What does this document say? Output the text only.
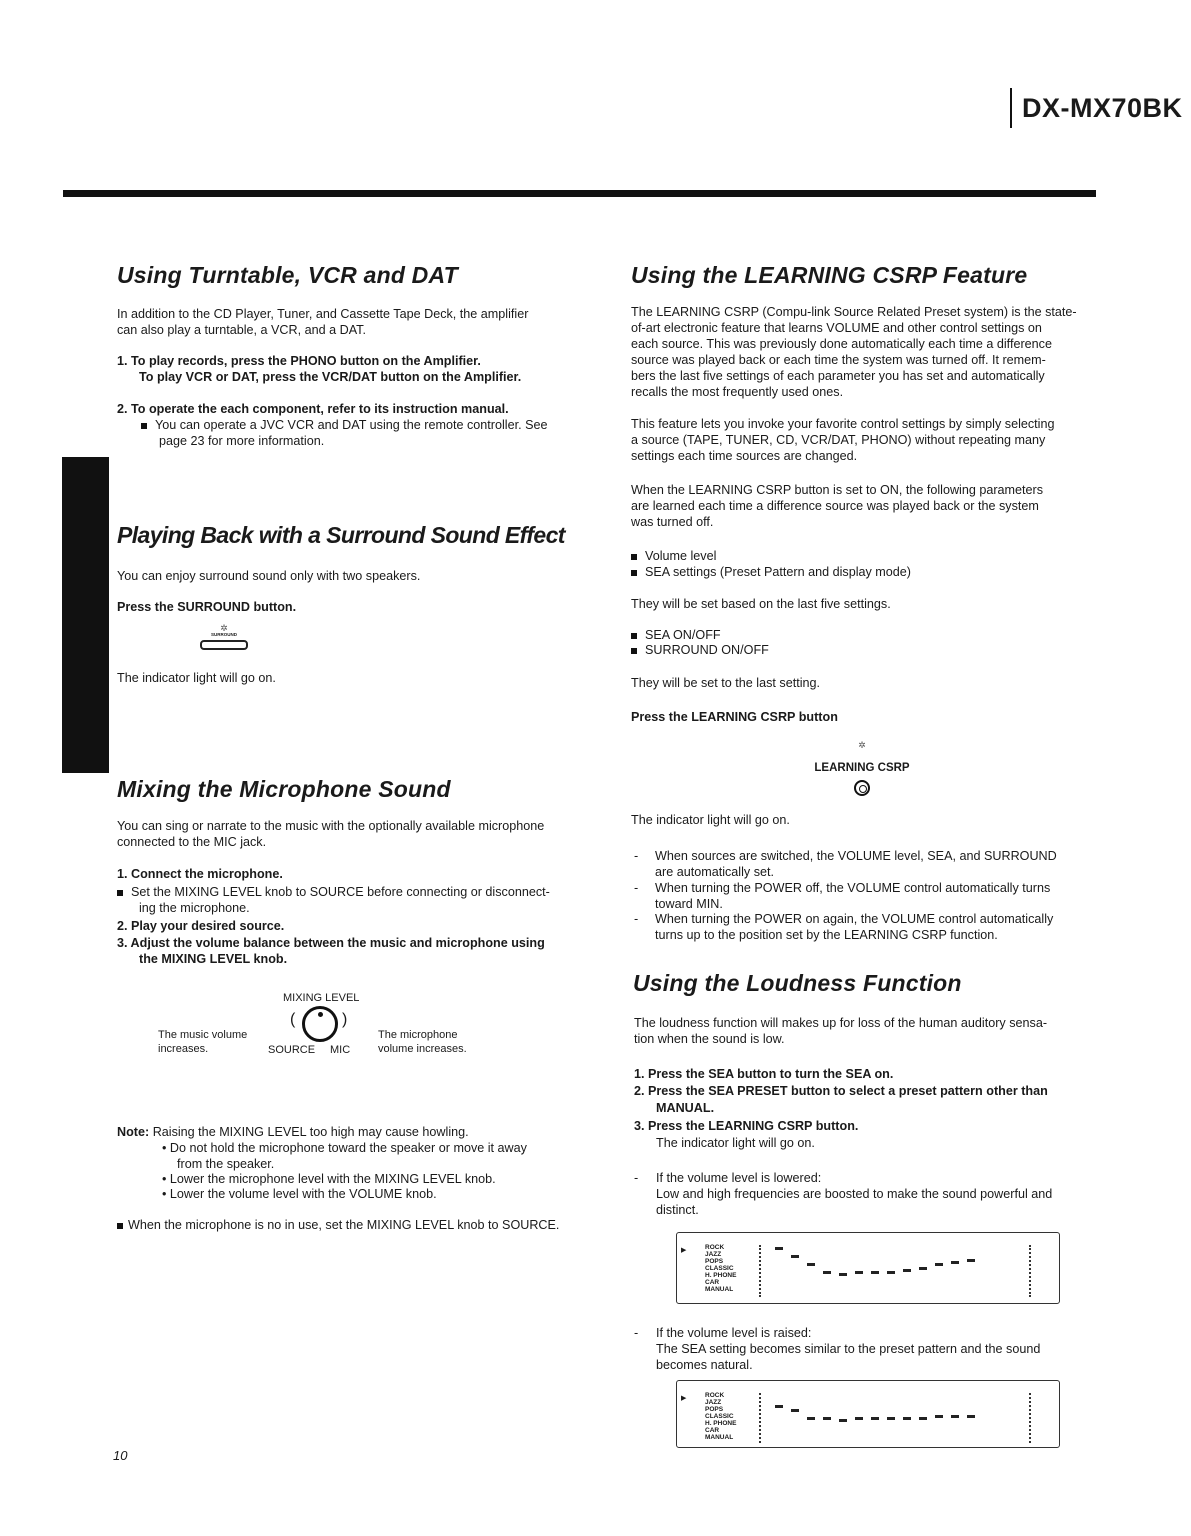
DX-MX70BK
Using Turntable, VCR and DAT

In addition to the CD Player, Tuner, and Cassette Tape Deck, the amplifier

can also play a turntable, a VCR, and a DAT.

1. To play records, press the PHONO button on the Amplifier.
To play VCR or DAT, press the VCR/DAT button on the Amplifier.
2. To operate the each component, refer to its instruction manual.
You can operate a JVC VCR and DAT using the remote controller. See
page 23 for more information.
Playing Back with a Surround Sound Effect

You can enjoy surround sound only with two speakers.

Press the SURROUND button.
✲
SURROUND

The indicator light will go on.

Mixing the Microphone Sound

You can sing or narrate to the music with the optionally available microphone

connected to the MIC jack.

1. Connect the microphone.
Set the MIXING LEVEL knob to SOURCE before connecting or disconnect-
ing the microphone.
2. Play your desired source.
3. Adjust the volume balance between the music and microphone using
the MIXING LEVEL knob.
MIXING LEVEL
(	)
The music volume
increases.	SOURCE MIC
The microphone
volume increases.
Note: Raising the MIXING LEVEL too high may cause howling.
• Do not hold the microphone toward the speaker or move it away
from the speaker.
• Lower the microphone level with the MIXING LEVEL knob.
• Lower the volume level with the VOLUME knob.
When the microphone is no in use, set the MIXING LEVEL knob to SOURCE.
10
Using the LEARNING CSRP Feature
The LEARNING CSRP (Compu-link Source Related Preset system) is the state-
of-art electronic feature that learns VOLUME and other control settings on
each source. This was previously done automatically each time a difference
source was played back or each time the system was turned off. It remem-
bers the last five settings of each parameter you has set and automatically
recalls the most frequently used ones.
This feature lets you invoke your favorite control settings by simply selecting
a source (TAPE, TUNER, CD, VCR/DAT, PHONO) without repeating many
settings each time sources are changed.
When the LEARNING CSRP button is set to ON, the following parameters
are learned each time a difference source was played back or the system
was turned off.
Volume level
SEA settings (Preset Pattern and display mode)

They will be set based on the last five settings.

SEA ON/OFF
SURROUND ON/OFF

They will be set to the last setting.

Press the LEARNING CSRP button
✲
LEARNING CSRP

The indicator light will go on.

- When sources are switched, the VOLUME level, SEA, and SURROUND
are automatically set.
- When turning the POWER off, the VOLUME control automatically turns
toward MIN.
- When turning the POWER on again, the VOLUME control automatically
turns up to the position set by the LEARNING CSRP function.
Using the Loudness Function

The loudness function will makes up for loss of the human auditory sensa-

tion when the sound is low.

1. Press the SEA button to turn the SEA on.
2. Press the SEA PRESET button to select a preset pattern other than
MANUAL.
3. Press the LEARNING CSRP button.

The indicator light will go on.

- If the volume level is lowered:
Low and high frequencies are boosted to make the sound powerful and
distinct.
▶	ROCK
JAZZ
POPS
CLASSIC
H. PHONE
CAR
MANUAL
- If the volume level is raised:
The SEA setting becomes similar to the preset pattern and the sound
becomes natural.
▶	ROCK
JAZZ
POPS
CLASSIC
H. PHONE
CAR
MANUAL
